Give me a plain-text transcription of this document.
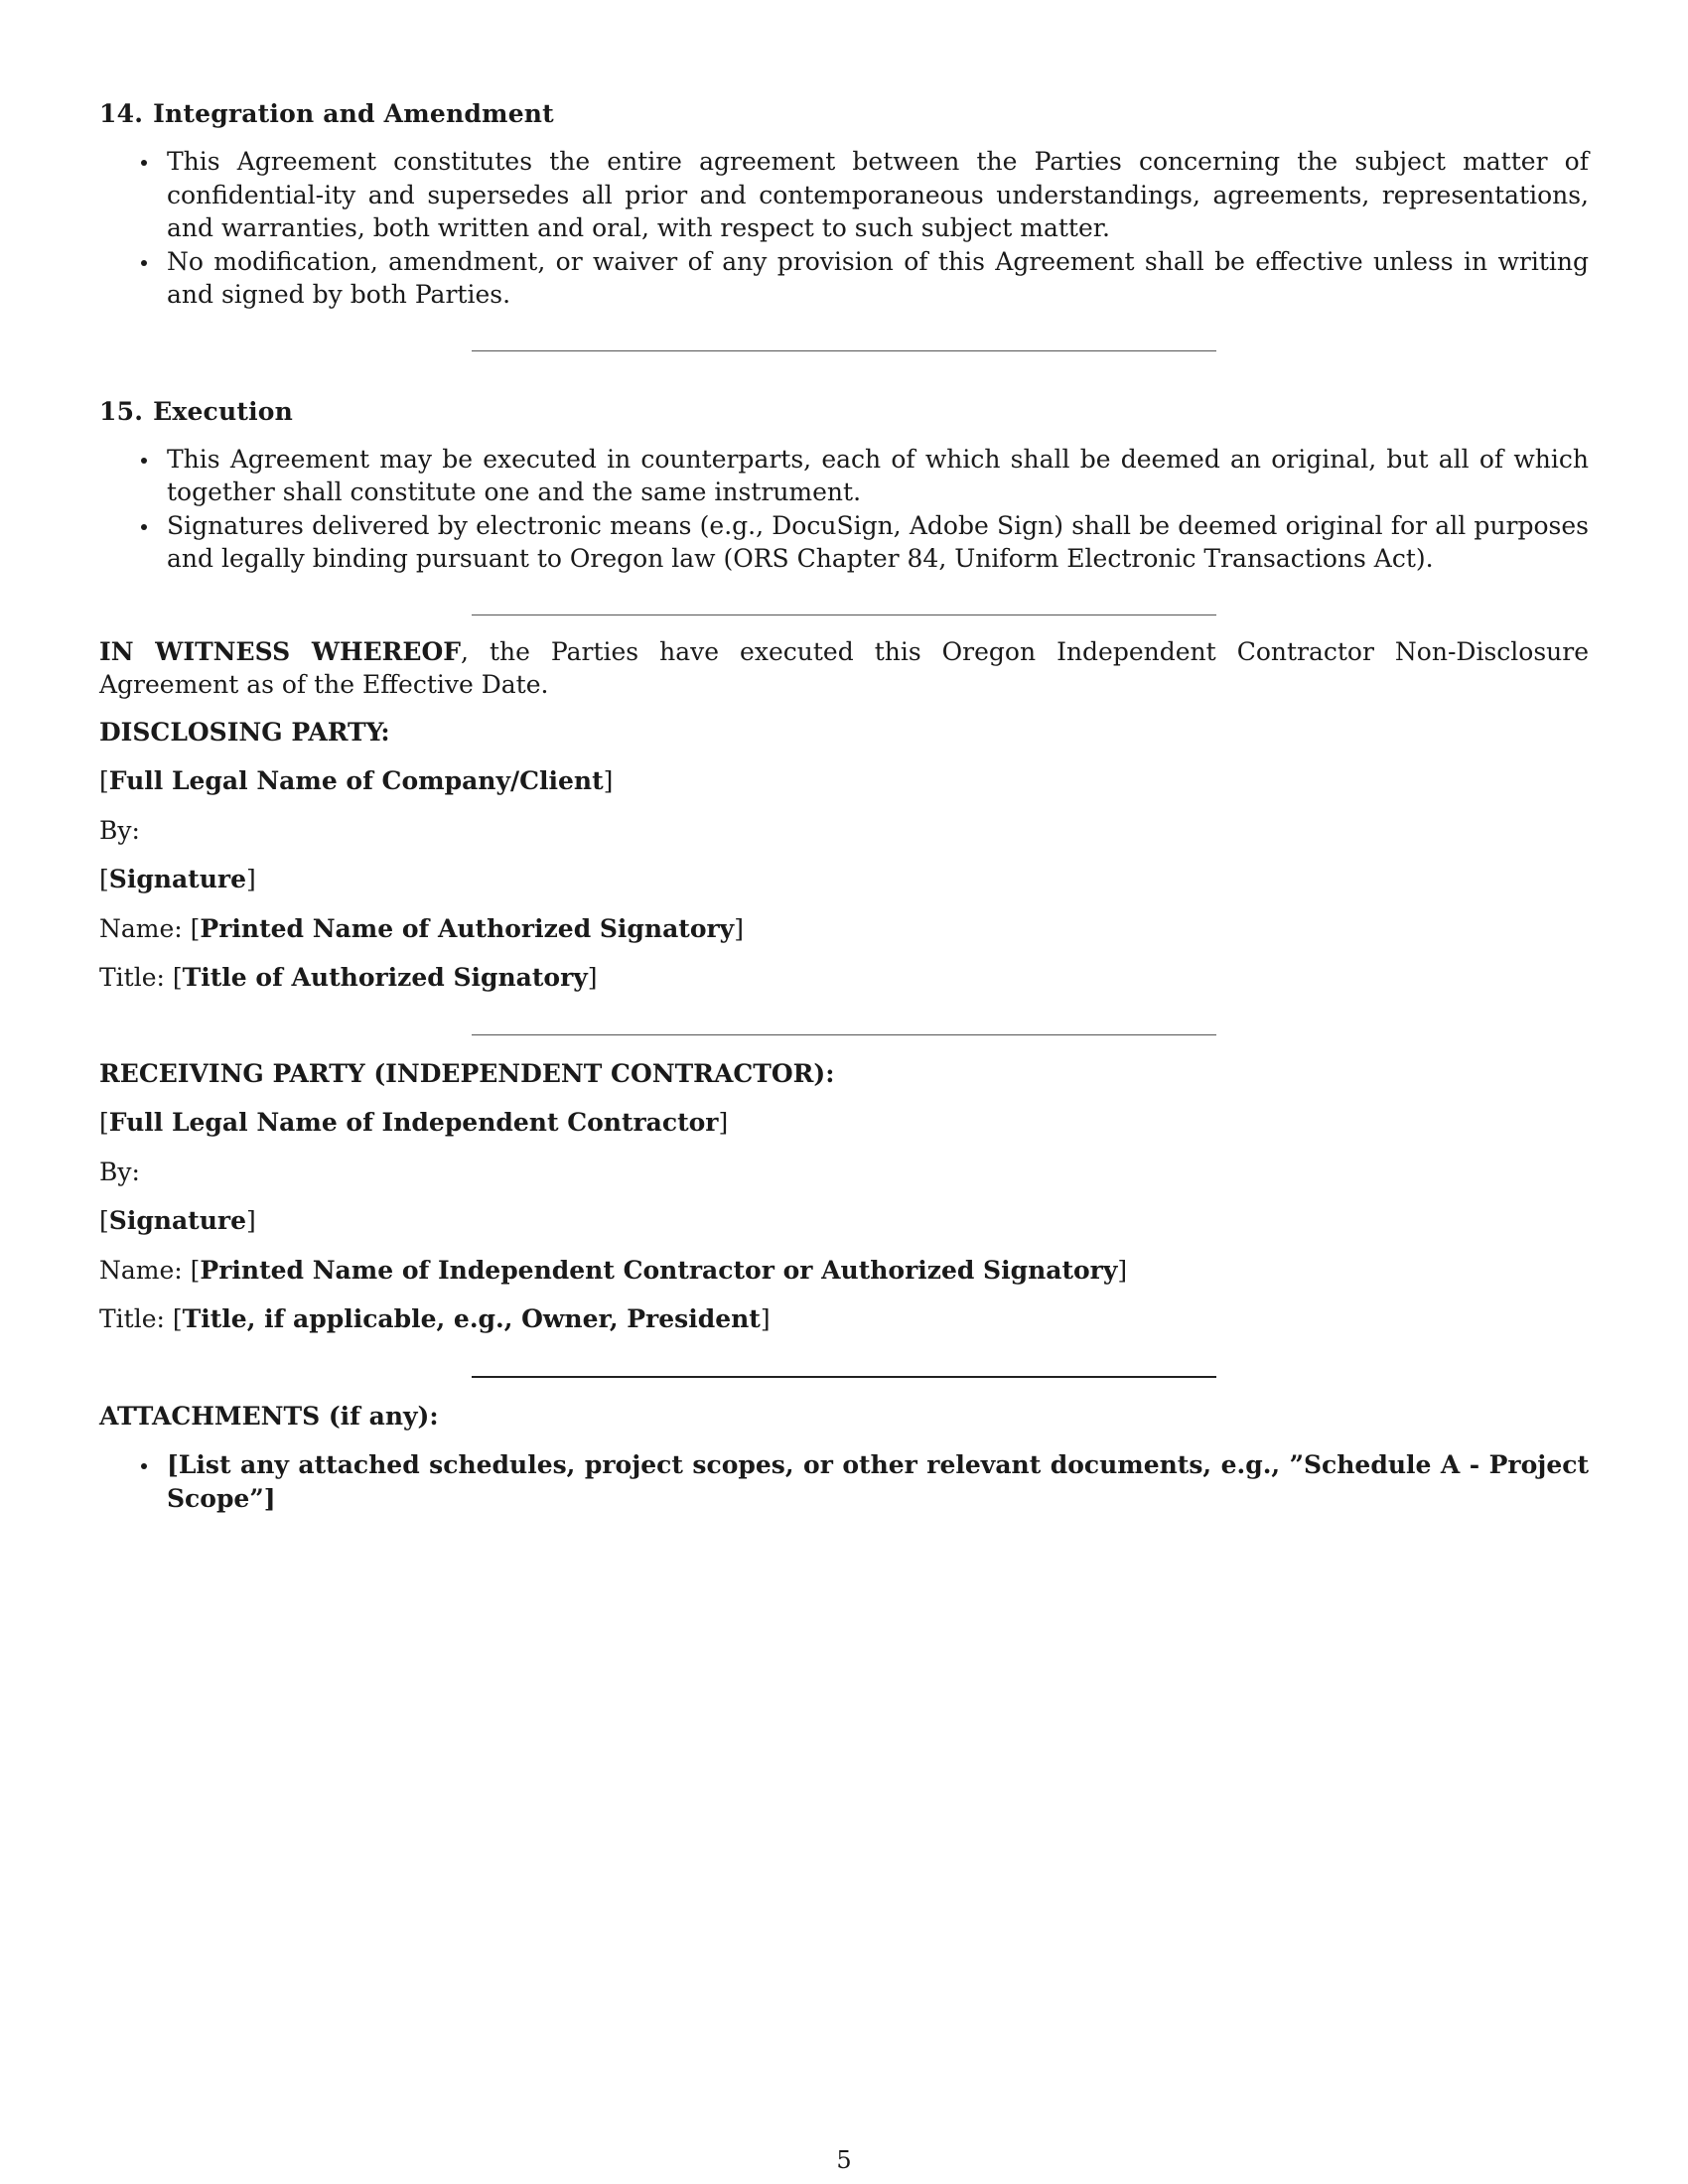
14. Integration and Amendment
This Agreement constitutes the entire agreement between the Parties concerning the subject matter of confidential-ity and supersedes all prior and contemporaneous understandings, agreements, representations, and warranties, both written and oral, with respect to such subject matter.
No modification, amendment, or waiver of any provision of this Agreement shall be effective unless in writing and signed by both Parties.
15. Execution
This Agreement may be executed in counterparts, each of which shall be deemed an original, but all of which together shall constitute one and the same instrument.
Signatures delivered by electronic means (e.g., DocuSign, Adobe Sign) shall be deemed original for all purposes and legally binding pursuant to Oregon law (ORS Chapter 84, Uniform Electronic Transactions Act).

IN WITNESS WHEREOF, the Parties have executed this Oregon Independent Contractor Non-Disclosure Agreement as of the Effective Date.

DISCLOSING PARTY:
[Full Legal Name of Company/Client]
By:
[Signature]
Name: [Printed Name of Authorized Signatory]
Title: [Title of Authorized Signatory]
RECEIVING PARTY (INDEPENDENT CONTRACTOR):
[Full Legal Name of Independent Contractor]
By:
[Signature]
Name: [Printed Name of Independent Contractor or Authorized Signatory]
Title: [Title, if applicable, e.g., Owner, President]
ATTACHMENTS (if any):
[List any attached schedules, project scopes, or other relevant documents, e.g., ”Schedule A - Project Scope”]
5
